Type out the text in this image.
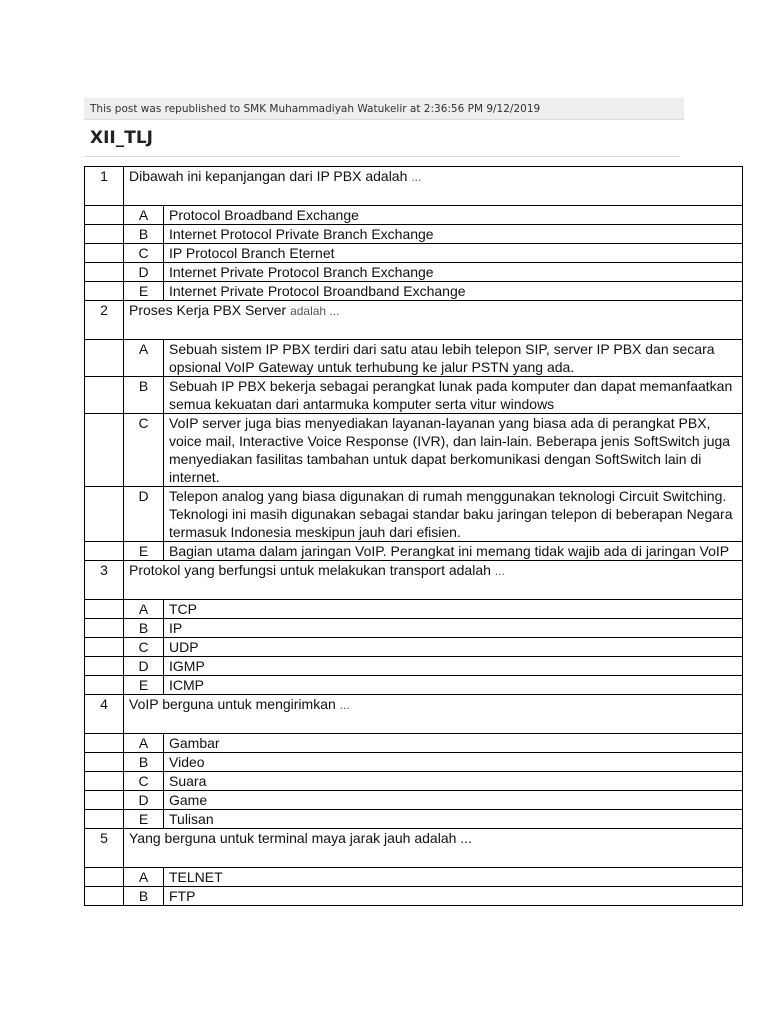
This post was republished to SMK Muhammadiyah Watukelir at 2:36:56 PM 9/12/2019
XII_TLJ
1	Dibawah ini kepanjangan dari IP PBX adalah ...	
	A	Protocol Broadband Exchange
	B	Internet Protocol Private Branch Exchange
	C	IP Protocol Branch Eternet
	D	Internet Private Protocol Branch Exchange
	E	Internet Private Protocol Broandband Exchange
2	Proses Kerja PBX Server adalah ...	
	A	Sebuah sistem IP PBX terdiri dari satu atau lebih telepon SIP, server IP PBX dan secara opsional VoIP Gateway untuk terhubung ke jalur PSTN yang ada.
	B	Sebuah IP PBX bekerja sebagai perangkat lunak pada komputer dan dapat memanfaatkan semua kekuatan dari antarmuka komputer serta vitur windows
	C	VoIP server juga bias menyediakan layanan-layanan yang biasa ada di perangkat PBX, voice mail, Interactive Voice Response (IVR), dan lain-lain. Beberapa jenis SoftSwitch juga menyediakan fasilitas tambahan untuk dapat berkomunikasi dengan SoftSwitch lain di internet.
	D	Telepon analog yang biasa digunakan di rumah menggunakan teknologi Circuit Switching. Teknologi ini masih digunakan sebagai standar baku jaringan telepon di beberapan Negara termasuk Indonesia meskipun jauh dari efisien.
	E	Bagian utama dalam jaringan VoIP. Perangkat ini memang tidak wajib ada di jaringan VoIP
3	Protokol yang berfungsi untuk melakukan transport adalah ...	
	A	TCP
	B	IP
	C	UDP
	D	IGMP
	E	ICMP
4	VoIP berguna untuk mengirimkan ...	
	A	Gambar
	B	Video
	C	Suara
	D	Game
	E	Tulisan
5	Yang berguna untuk terminal maya jarak jauh adalah ...	
	A	TELNET
	B	FTP
